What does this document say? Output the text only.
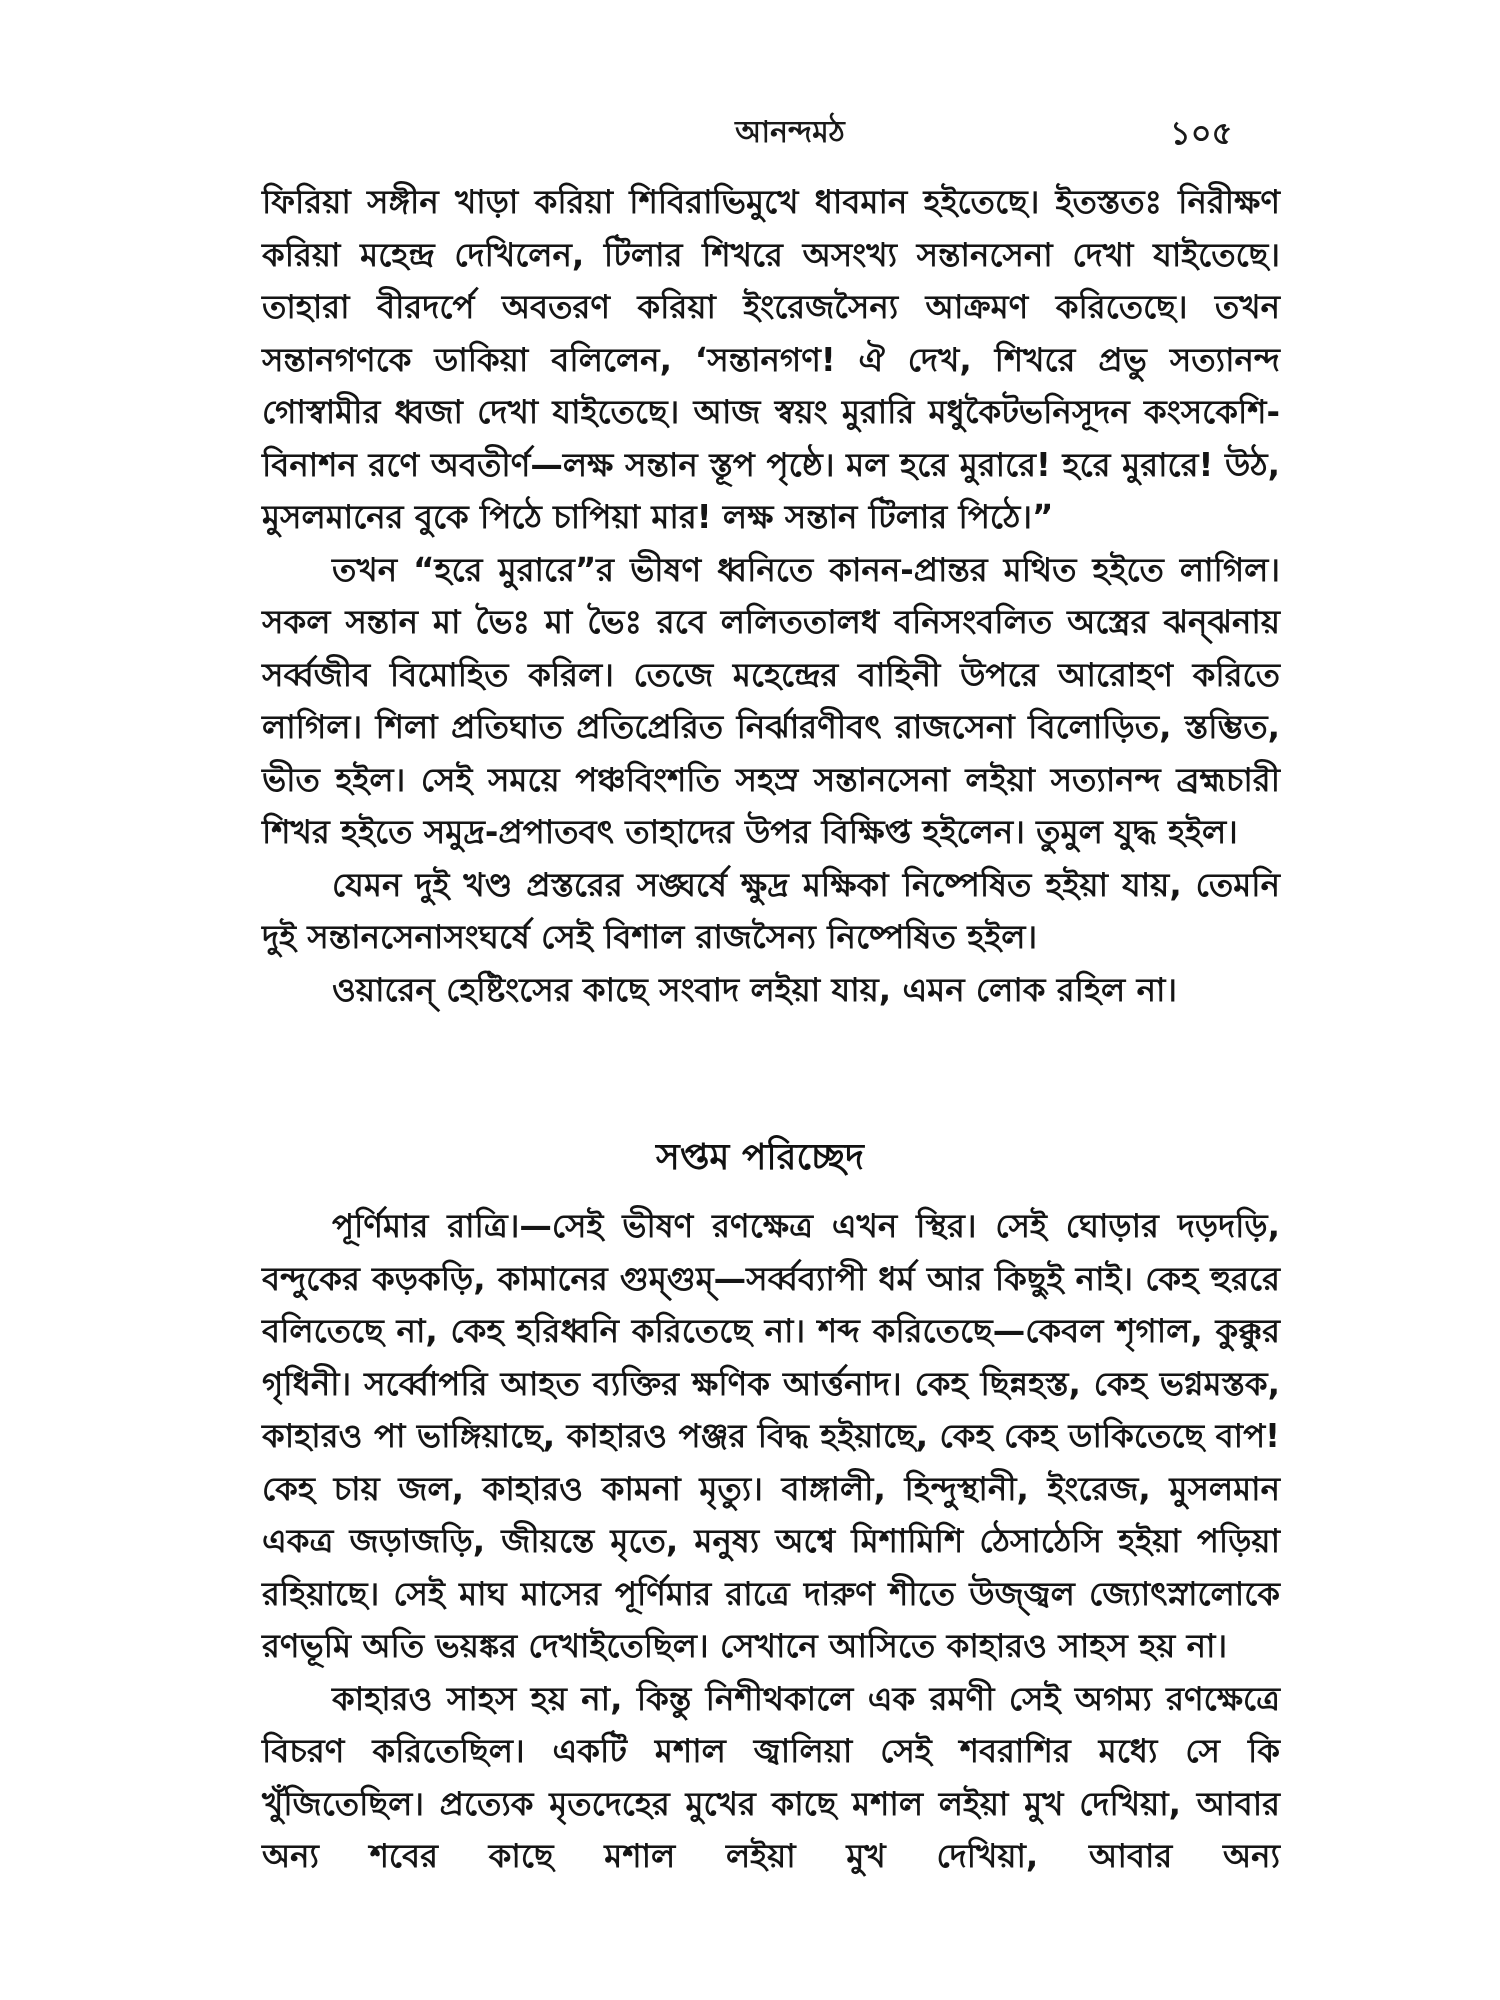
আনন্দমঠ	১০৫

ফিরিয়া সঙ্গীন খাড়া করিয়া শিবিরাভিমুখে ধাবমান হইতেছে। ইতস্ততঃ নিরীক্ষণ করিয়া মহেন্দ্র দেখিলেন, টিলার শিখরে অসংখ্য সন্তানসেনা দেখা যাইতেছে। তাহারা বীরদর্পে অবতরণ করিয়া ইংরেজসৈন্য আক্রমণ করিতেছে। তখন সন্তানগণকে ডাকিয়া বলিলেন, ‘সন্তানগণ! ঐ দেখ, শিখরে প্রভু সত্যানন্দ গোস্বামীর ধ্বজা দেখা যাইতেছে। আজ স্বয়ং মুরারি মধুকৈটভনিসূদন কংসকেশি-বিনাশন রণে অবতীর্ণ—লক্ষ সন্তান স্তূপ পৃষ্ঠে। মল হরে মুরারে! হরে মুরারে! উঠ, মুসলমানের বুকে পিঠে চাপিয়া মার! লক্ষ সন্তান টিলার পিঠে।”

তখন “হরে মুরারে”র ভীষণ ধ্বনিতে কানন-প্রান্তর মথিত হইতে লাগিল। সকল সন্তান মা ভৈঃ মা ভৈঃ রবে ললিততালধ বনিসংবলিত অস্ত্রের ঝন্‌ঝনায় সর্ব্বজীব বিমোহিত করিল। তেজে মহেন্দ্রের বাহিনী উপরে আরোহণ করিতে লাগিল। শিলা প্রতিঘাত প্রতিপ্রেরিত নির্ঝারণীবৎ রাজসেনা বিলোড়িত, স্তম্ভিত, ভীত হইল। সেই সময়ে পঞ্চবিংশতি সহস্র সন্তানসেনা লইয়া সত্যানন্দ ব্রহ্মচারী শিখর হইতে সমুদ্র-প্রপাতবৎ তাহাদের উপর বিক্ষিপ্ত হইলেন। তুমুল যুদ্ধ হইল।

যেমন দুই খণ্ড প্রস্তরের সঙ্ঘর্ষে ক্ষুদ্র মক্ষিকা নিষ্পেষিত হইয়া যায়, তেমনি দুই সন্তানসেনাসংঘর্ষে সেই বিশাল রাজসৈন্য নিষ্পেষিত হইল।

ওয়ারেন্ হেষ্টিংসের কাছে সংবাদ লইয়া যায়, এমন লোক রহিল না।

সপ্তম পরিচ্ছেদ

পূর্ণিমার রাত্রি।—সেই ভীষণ রণক্ষেত্র এখন স্থির। সেই ঘোড়ার দড়দড়ি, বন্দুকের কড়কড়ি, কামানের গুম্‌গুম্—সর্ব্বব্যাপী ধর্ম আর কিছুই নাই। কেহ হুররে বলিতেছে না, কেহ হরিধ্বনি করিতেছে না। শব্দ করিতেছে—কেবল শৃগাল, কুক্কুর গৃধিনী। সর্ব্বোপরি আহত ব্যক্তির ক্ষণিক আর্ত্তনাদ। কেহ ছিন্নহস্ত, কেহ ভগ্নমস্তক, কাহারও পা ভাঙ্গিয়াছে, কাহারও পঞ্জর বিদ্ধ হইয়াছে, কেহ কেহ ডাকিতেছে বাপ! কেহ চায় জল, কাহারও কামনা মৃত্যু। বাঙ্গালী, হিন্দুস্থানী, ইংরেজ, মুসলমান একত্র জড়াজড়ি, জীয়ন্তে মৃতে, মনুষ্য অশ্বে মিশামিশি ঠেসাঠেসি হইয়া পড়িয়া রহিয়াছে। সেই মাঘ মাসের পূর্ণিমার রাত্রে দারুণ শীতে উজ্জ্বল জ্যোৎস্নালোকে রণভূমি অতি ভয়ঙ্কর দেখাইতেছিল। সেখানে আসিতে কাহারও সাহস হয় না।

কাহারও সাহস হয় না, কিন্তু নিশীথকালে এক রমণী সেই অগম্য রণক্ষেত্রে বিচরণ করিতেছিল। একটি মশাল জ্বালিয়া সেই শবরাশির মধ্যে সে কি খুঁজিতেছিল। প্রত্যেক মৃতদেহের মুখের কাছে মশাল লইয়া মুখ দেখিয়া, আবার অন্য শবের কাছে মশাল লইয়া মুখ দেখিয়া, আবার অন্য
